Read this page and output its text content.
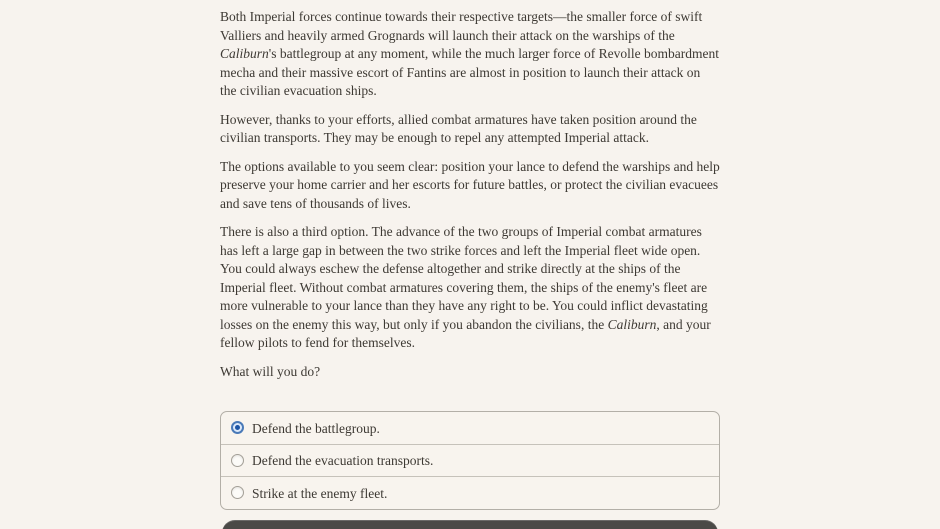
Both Imperial forces continue towards their respective targets—the smaller force of swift Valliers and heavily armed Grognards will launch their attack on the warships of the Caliburn's battlegroup at any moment, while the much larger force of Revolle bombardment mecha and their massive escort of Fantins are almost in position to launch their attack on the civilian evacuation ships.

However, thanks to your efforts, allied combat armatures have taken position around the civilian transports. They may be enough to repel any attempted Imperial attack.

The options available to you seem clear: position your lance to defend the warships and help preserve your home carrier and her escorts for future battles, or protect the civilian evacuees and save tens of thousands of lives.

There is also a third option. The advance of the two groups of Imperial combat armatures has left a large gap in between the two strike forces and left the Imperial fleet wide open. You could always eschew the defense altogether and strike directly at the ships of the Imperial fleet. Without combat armatures covering them, the ships of the enemy's fleet are more vulnerable to your lance than they have any right to be. You could inflict devastating losses on the enemy this way, but only if you abandon the civilians, the Caliburn, and your fellow pilots to fend for themselves.

What will you do?

Defend the battlegroup.
Defend the evacuation transports.
Strike at the enemy fleet.
